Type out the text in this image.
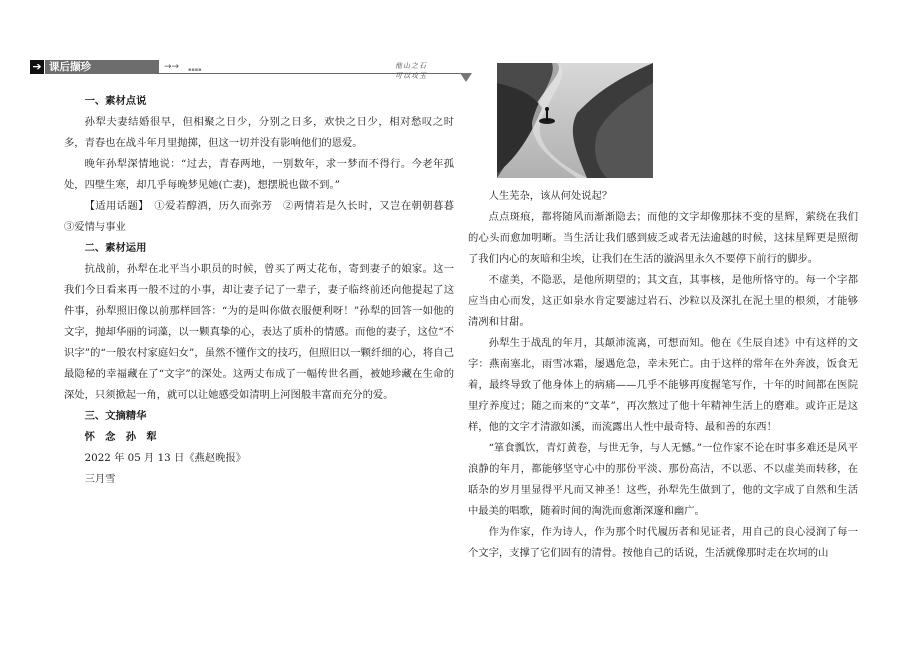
➔ 课后撷珍	→→ ▪▪▪▪	他山之石　可以攻玉

一、素材点说

孙犁夫妻结婚很早，但相聚之日少，分别之日多，欢快之日少，相对愁叹之时多，青春也在战斗年月里抛掷，但这一切并没有影响他们的恩爱。

晚年孙犁深情地说：“过去，青春两地，一别数年，求一梦而不得行。今老年孤处，四壁生寒，却几乎每晚梦见她(亡妻)，想摆脱也做不到。”

【适用话题】　①爱若醇酒，历久而弥芳　②两情若是久长时，又岂在朝朝暮暮　③爱情与事业

二、素材运用

抗战前，孙犁在北平当小职员的时候，曾买了两丈花布，寄到妻子的娘家。这一我们今日看来再一般不过的小事，却让妻子记了一辈子，妻子临终前还向他提起了这件事，孙犁照旧像以前那样回答：“为的是叫你做衣服便利呀！”孙犁的回答一如他的文字，抛却华丽的词藻，以一颗真挚的心，表达了质朴的情感。而他的妻子，这位“不识字”的“一般农村家庭妇女”，虽然不懂作文的技巧，但照旧以一颗纤细的心，将自己最隐秘的幸福藏在了“文字”的深处。这两丈布成了一幅传世名画，被她珍藏在生命的深处，只须掀起一角，就可以让她感受如清明上河图般丰富而充分的爱。

三、文摘精华

怀　念　孙　犁

2022 年 05 月 13 日《燕赵晚报》

三月雪

人生芜杂，该从何处说起？

点点斑痕，都将随风而渐渐隐去；而他的文字却像那抹不变的星辉，萦绕在我们的心头而愈加明晰。当生活让我们感到疲乏或者无法逾越的时候，这抹星辉更是照彻了我们内心的灰暗和尘埃，让我们在生活的漩涡里永久不要停下前行的脚步。

不虚美，不隐恶，是他所期望的；其文直，其事核，是他所恪守的。每一个字都应当由心而发，这正如泉水肯定要滤过岩石、沙粒以及深扎在泥土里的根须，才能够清冽和甘甜。

孙犁生于战乱的年月，其颠沛流离，可想而知。他在《生辰自述》中有这样的文字：燕南塞北，雨雪冰霜，屡遇危急，幸未死亡。由于这样的常年在外奔波，饭食无着，最终导致了他身体上的病痛——几乎不能够再度握笔写作，十年的时间都在医院里疗养度过；随之而来的“文革”，再次熬过了他十年精神生活上的磨难。或许正是这样，他的文字才清澈如溪，而流露出人性中最奇特、最和善的东西！

“箪食瓢饮，青灯黄卷，与世无争，与人无憾。”一位作家不论在时事多难还是风平浪静的年月，都能够坚守心中的那份平淡、那份高洁，不以恶、不以虚美而转移，在聒杂的岁月里显得平凡而又神圣！这些，孙犁先生做到了，他的文字成了自然和生活中最美的唱歌，随着时间的淘洗而愈渐深邃和幽广。

作为作家，作为诗人，作为那个时代履历者和见证者，用自己的良心浸润了每一个文字，支撑了它们固有的清骨。按他自己的话说，生活就像那时走在坎坷的山
